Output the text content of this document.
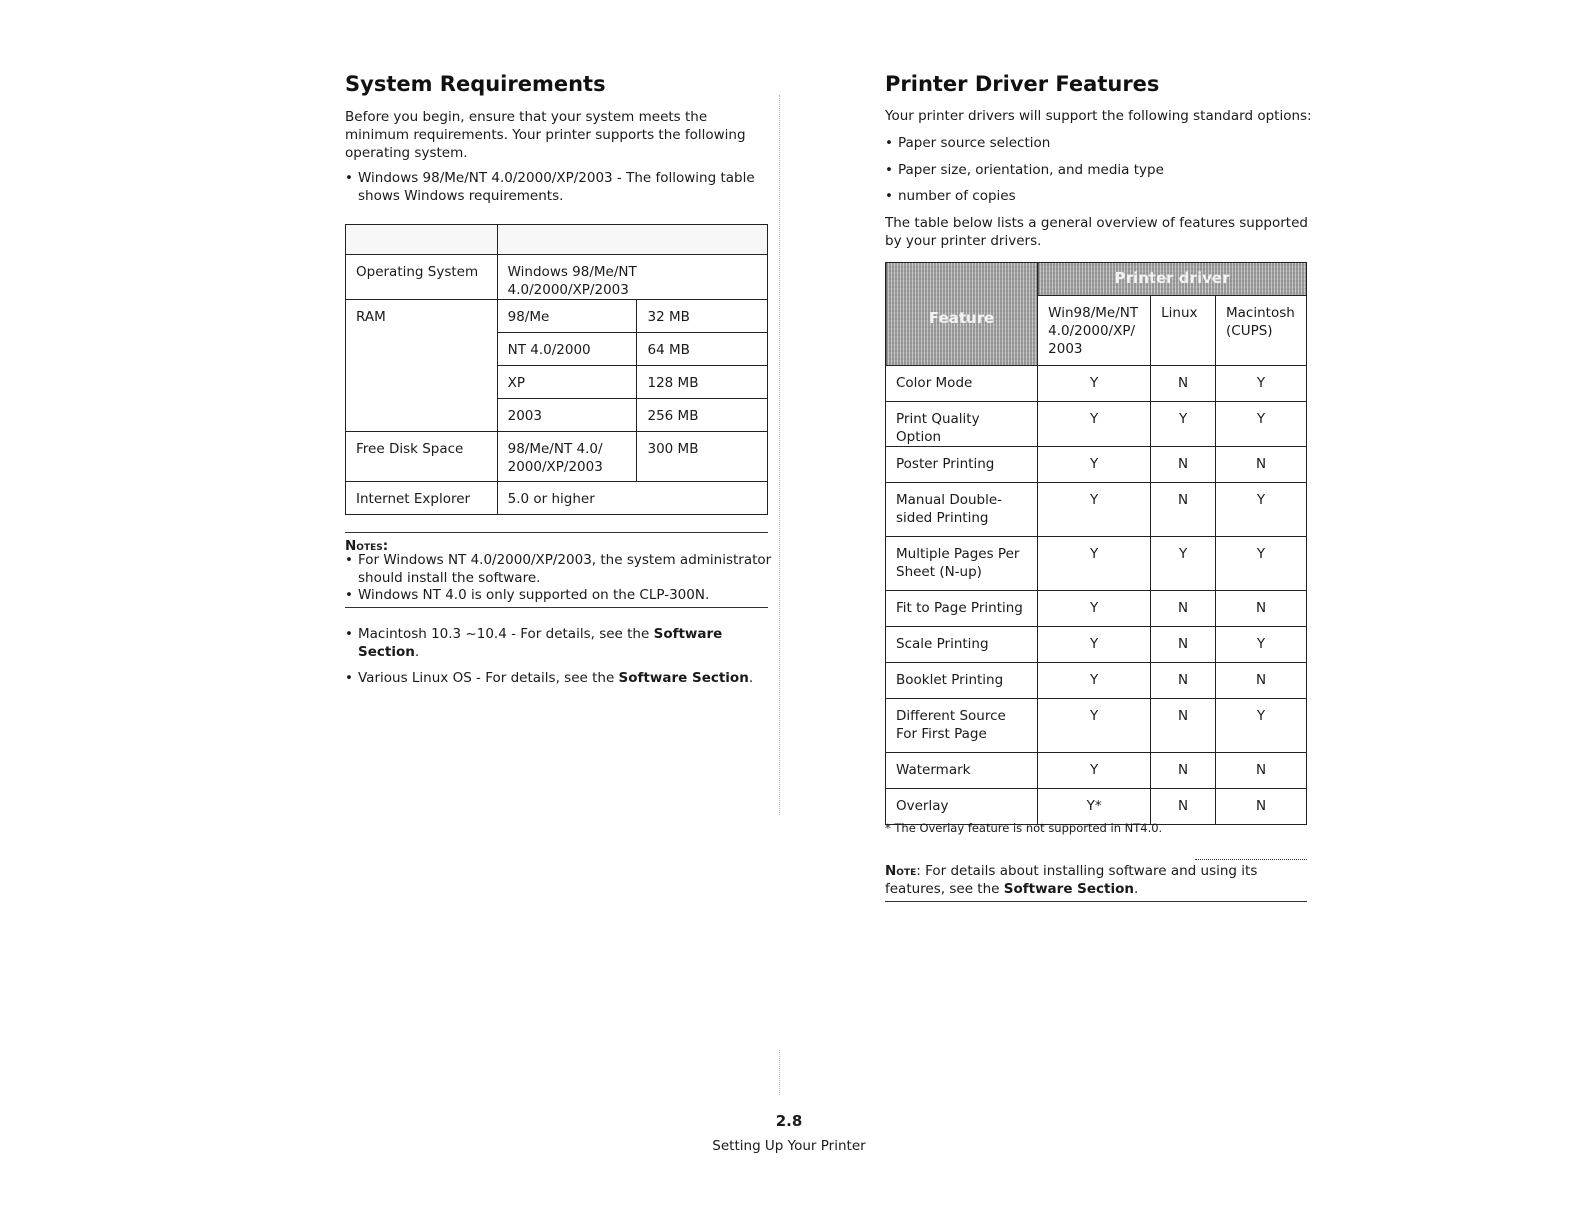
System Requirements
Before you begin, ensure that your system meets the minimum requirements. Your printer supports the following operating system.
• Windows 98/Me/NT 4.0/2000/XP/2003 - The following table shows Windows requirements.

Operating System	Windows 98/Me/NT 4.0/2000/XP/2003	
RAM	98/Me	32 MB
	NT 4.0/2000	64 MB
	XP	128 MB
	2003	256 MB
Free Disk Space	98/Me/NT 4.0/ 2000/XP/2003	300 MB
Internet Explorer	5.0 or higher	
Notes:
• For Windows NT 4.0/2000/XP/2003, the system administrator should install the software.
• Windows NT 4.0 is only supported on the CLP-300N.
• Macintosh 10.3 ~10.4 - For details, see the Software Section.
• Various Linux OS - For details, see the Software Section.
Printer Driver Features
Your printer drivers will support the following standard options:
• Paper source selection
• Paper size, orientation, and media type
• number of copies
The table below lists a general overview of features supported by your printer drivers.
Feature	Printer driver		
	Win98/Me/NT 4.0/2000/XP/ 2003	Linux	Macintosh (CUPS)
Color Mode	Y	N	Y
Print Quality Option	Y	Y	Y
Poster Printing	Y	N	N
Manual Double-sided Printing	Y	N	Y
Multiple Pages Per Sheet (N-up)	Y	Y	Y
Fit to Page Printing	Y	N	N
Scale Printing	Y	N	Y
Booklet Printing	Y	N	N
Different Source For First Page	Y	N	Y
Watermark	Y	N	N
Overlay	Y*	N	N
* The Overlay feature is not supported in NT4.0.
Note: For details about installing software and using its features, see the Software Section.
2.8
Setting Up Your Printer
